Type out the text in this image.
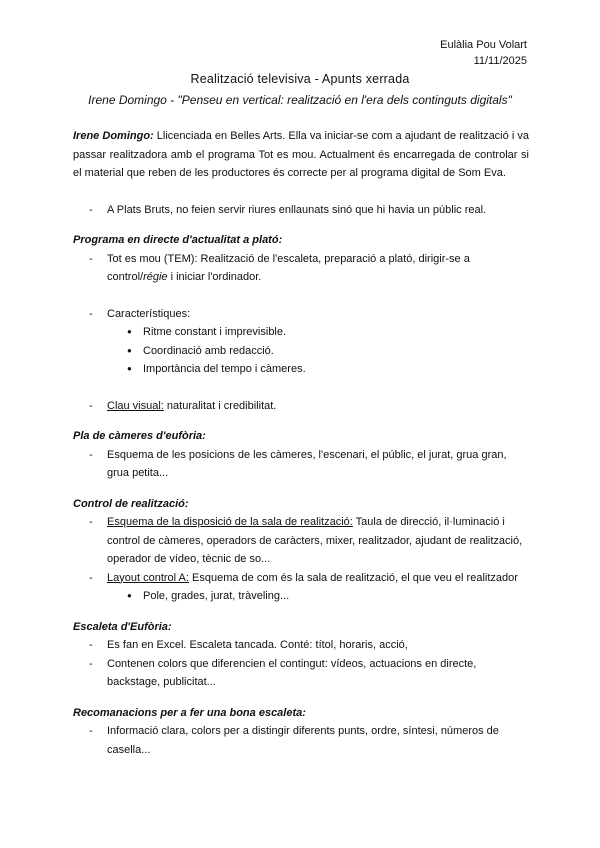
Eulàlia Pou Volart
11/11/2025
Realització televisiva - Apunts xerrada
Irene Domingo - "Penseu en vertical: realització en l'era dels continguts digitals"

Irene Domingo: Llicenciada en Belles Arts. Ella va iniciar-se com a ajudant de realització i va passar realitzadora amb el programa Tot es mou. Actualment és encarregada de controlar si el material que reben de les productores és correcte per al programa digital de Som Eva.

- A Plats Bruts, no feien servir riures enllaunats sinó que hi havia un públic real.

Programa en directe d'actualitat a plató:

- Tot es mou (TEM): Realització de l'escaleta, preparació a plató, dirigir-se a control/régie i iniciar l'ordinador.
- Característiques:
● Ritme constant i imprevisible.
● Coordinació amb redacció.
● Importància del tempo i càmeres.
- Clau visual: naturalitat i credibilitat.

Pla de càmeres d'eufòria:

- Esquema de les posicions de les càmeres, l'escenari, el públic, el jurat, grua gran, grua petita...

Control de realització:

- Esquema de la disposició de la sala de realització: Taula de direcció, il·luminació i control de càmeres, operadors de caràcters, mixer, realitzador, ajudant de realització, operador de vídeo, tècnic de so...
- Layout control A: Esquema de com és la sala de realització, el que veu el realitzador
● Pole, grades, jurat, tràveling...

Escaleta d'Eufòria:

- Es fan en Excel. Escaleta tancada. Conté: títol, horaris, acció,
- Contenen colors que diferencien el contingut: vídeos, actuacions en directe, backstage, publicitat...

Recomanacions per a fer una bona escaleta:

- Informació clara, colors per a distingir diferents punts, ordre, síntesi, números de casella...
